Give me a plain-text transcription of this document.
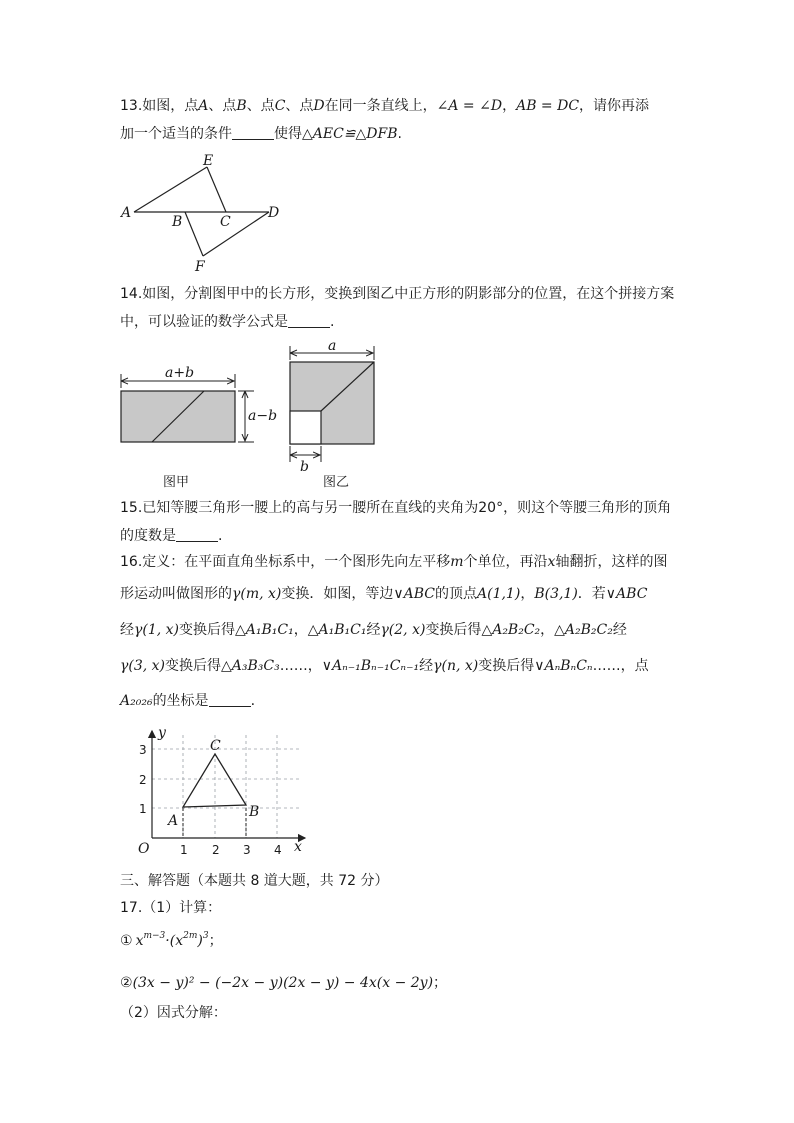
13.如图，点A、点B、点C、点D在同一条直线上，∠A = ∠D，AB = DC，请你再添
加一个适当的条件	使得△AEC≌△DFB.
A
E
B	C
D
F
14.如图，分割图甲中的长方形，变换到图乙中正方形的阴影部分的位置，在这个拼接方案
中，可以验证的数学公式是	.
a+b
a−b
a
b
图甲	图乙
15.已知等腰三角形一腰上的高与另一腰所在直线的夹角为20°，则这个等腰三角形的顶角
的度数是	.
16.定义：在平面直角坐标系中，一个图形先向左平移m个单位，再沿x轴翻折，这样的图
形运动叫做图形的γ(m, x)变换．如图，等边∨ABC的顶点A(1,1)，B(3,1)．若∨ABC
经γ(1, x)变换后得△A₁B₁C₁，△A₁B₁C₁经γ(2, x)变换后得△A₂B₂C₂，△A₂B₂C₂经
γ(3, x)变换后得△A₃B₃C₃……，∨Aₙ₋₁Bₙ₋₁Cₙ₋₁经γ(n, x)变换后得∨AₙBₙCₙ……，点
A₂₀₂₆的坐标是	.
y
x
O	1 2 3 4
1
2
3
A
B
C
三、解答题（本题共 8 道大题，共 72 分）
17.（1）计算：
① $x^{m-3}\cdot(x^{2m})^3$；
②(3x − y)² − (−2x − y)(2x − y) − 4x(x − 2y)；
（2）因式分解：
